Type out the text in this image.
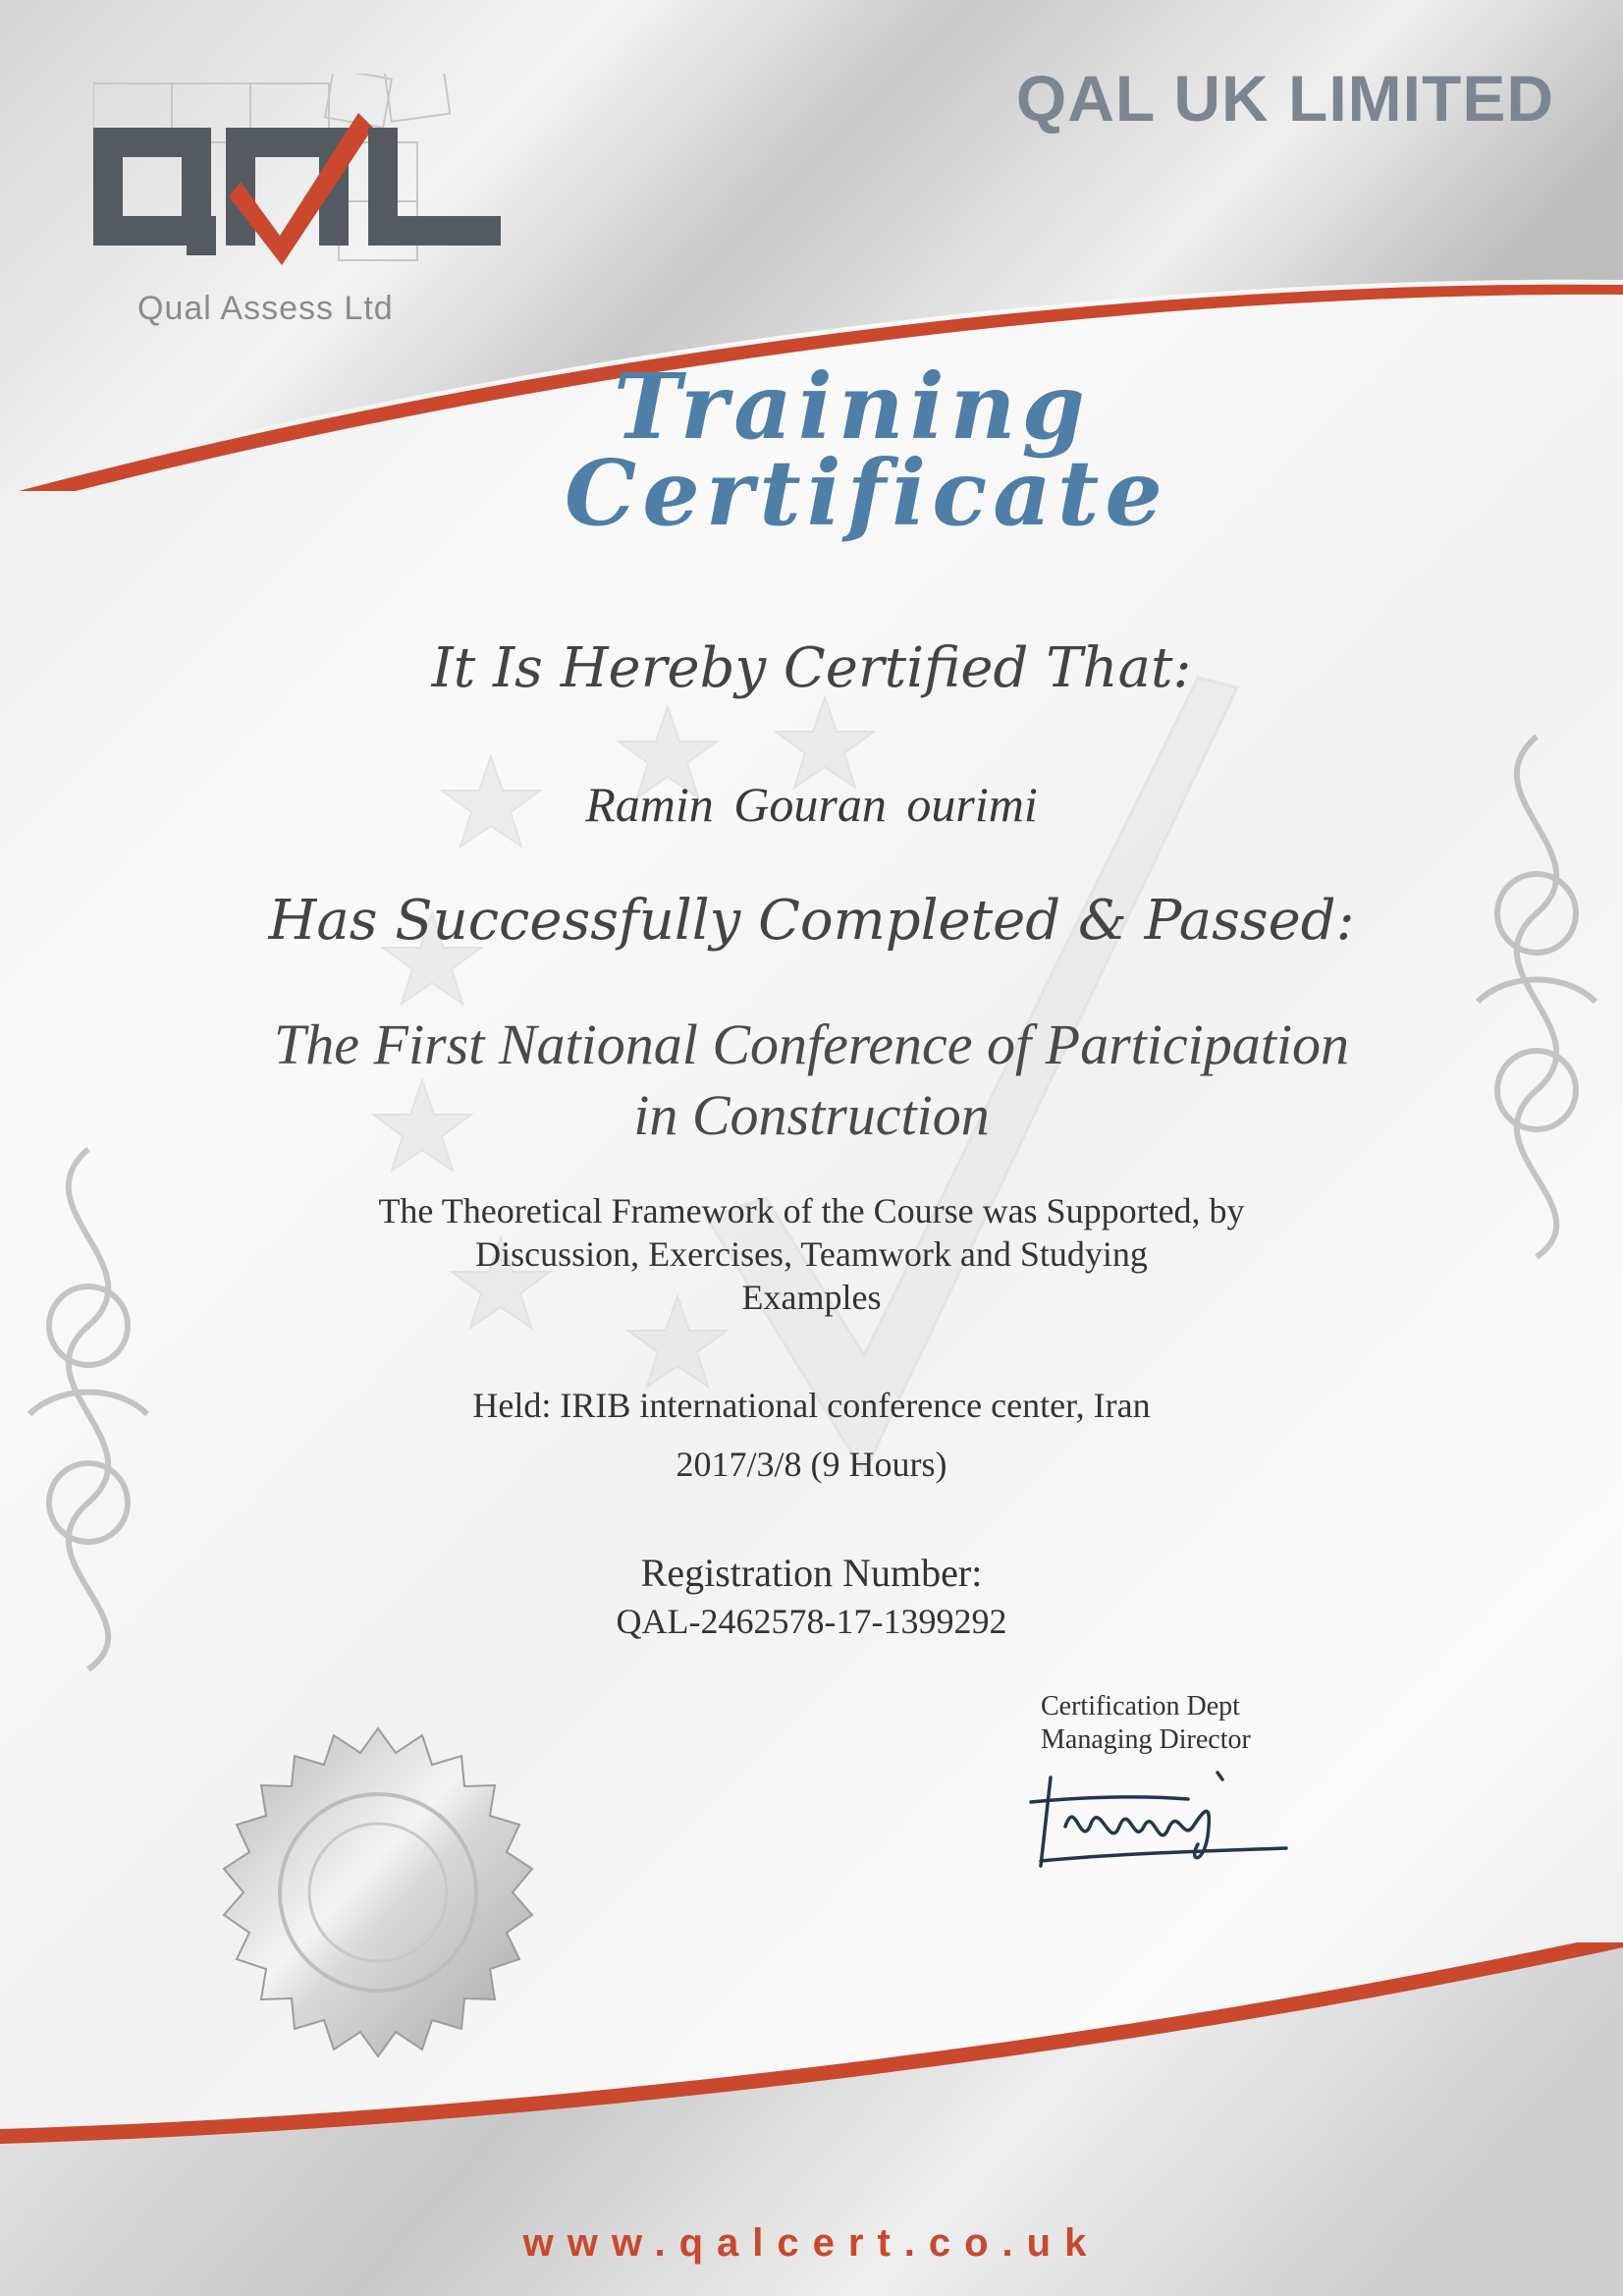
Qual Assess Ltd
QAL UK LIMITED
Training
Certificate
It Is Hereby Certified That:
Ramin Gouran ourimi
Has Successfully Completed & Passed:
The First National Conference of Participation
in Construction
The Theoretical Framework of the Course was Supported, by
Discussion, Exercises, Teamwork and Studying
Examples
Held: IRIB international conference center, Iran
2017/3/8 (9 Hours)
Registration Number:
QAL-2462578-17-1399292
Certification Dept
Managing Director
www.qalcert.co.uk
